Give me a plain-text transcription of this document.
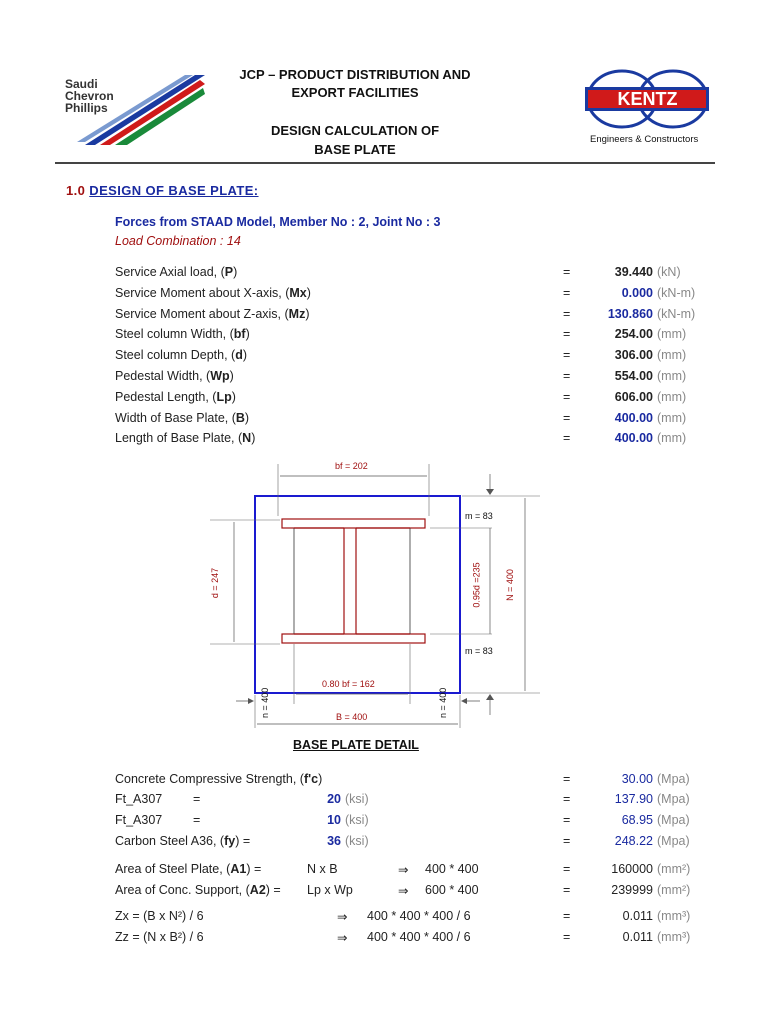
Saudi
Chevron
Phillips
JCP – PRODUCT DISTRIBUTION AND
EXPORT FACILITIES
DESIGN CALCULATION OF
BASE PLATE
KENTZ
Engineers & Constructors
1.0 DESIGN OF BASE PLATE:
Forces from STAAD Model, Member No : 2, Joint No : 3
Load Combination : 14
Service Axial load, (P)	=	39.440 (kN)
Service Moment about X-axis, (Mx)	=	0.000 (kN-m)
Service Moment about Z-axis, (Mz)	=	130.860 (kN-m)
Steel column Width, (bf)	=	254.00 (mm)
Steel column Depth, (d)	=	306.00 (mm)
Pedestal Width, (Wp)	=	554.00 (mm)
Pedestal Length, (Lp)	=	606.00 (mm)
Width of Base Plate, (B)	=	400.00 (mm)
Length of Base Plate, (N)	=	400.00 (mm)
bf = 202
m = 83
m = 83
d = 247	0.95d =235	N = 400
0.80 bf = 162
n = 400	n = 400
B = 400
BASE PLATE DETAIL
Concrete Compressive Strength, (f'c)	=	30.00 (Mpa)
Ft_A307 =	20 (ksi)	=	137.90 (Mpa)
Ft_A307 =	10 (ksi)	=	68.95 (Mpa)
Carbon Steel A36, (fy) =	36 (ksi)	=	248.22 (Mpa)
Area of Steel Plate, (A1) =	N x B	⇒ 400 * 400	=	160000 (mm²)
Area of Conc. Support, (A2) = Lp x Wp	⇒ 600 * 400	=	239999 (mm²)
Zx = (B x N²) / 6	⇒ 400 * 400 * 400 / 6	=	0.011 (mm³)
Zz = (N x B²) / 6	⇒ 400 * 400 * 400 / 6	=	0.011 (mm³)
